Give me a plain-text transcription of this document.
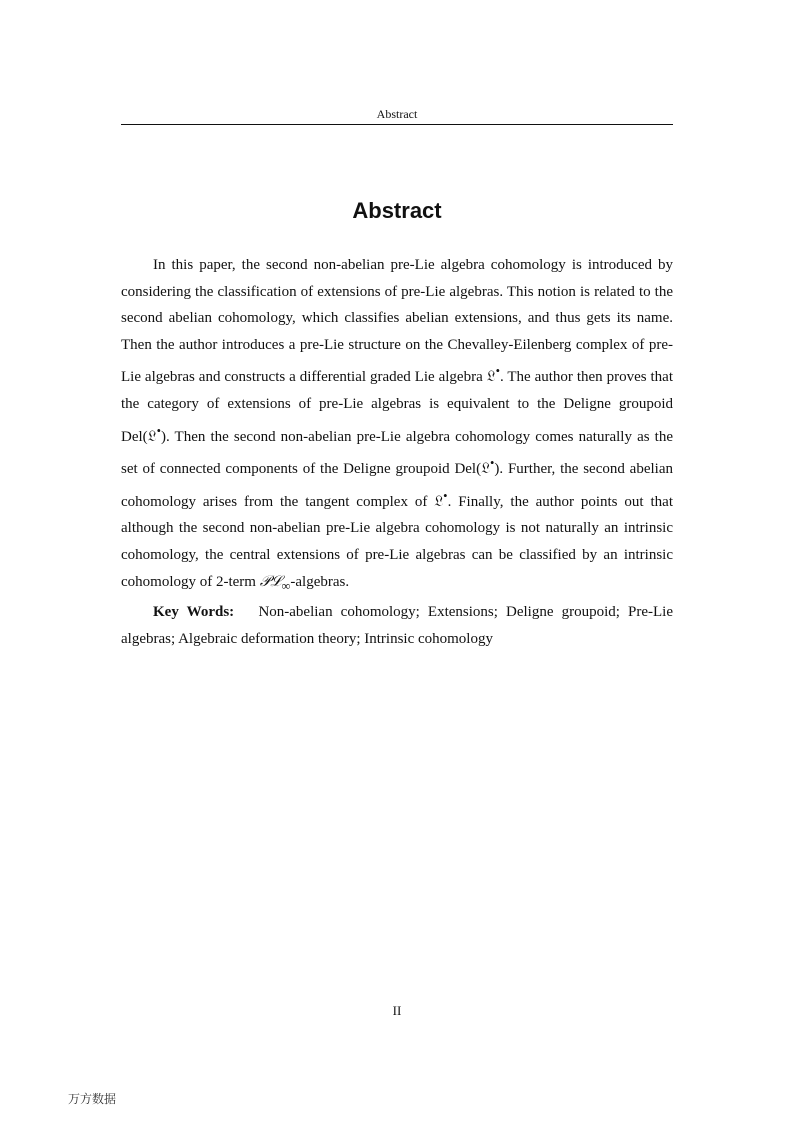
Abstract
Abstract

In this paper, the second non-abelian pre-Lie algebra cohomology is introduced by considering the classification of extensions of pre-Lie algebras. This notion is related to the second abelian cohomology, which classifies abelian extensions, and thus gets its name. Then the author introduces a pre-Lie structure on the Chevalley-Eilenberg complex of pre-Lie algebras and constructs a differential graded Lie algebra 𝔏•. The author then proves that the category of extensions of pre-Lie algebras is equivalent to the Deligne groupoid Del(𝔏•). Then the second non-abelian pre-Lie algebra cohomology comes naturally as the set of connected components of the Deligne groupoid Del(𝔏•). Further, the second abelian cohomology arises from the tangent complex of 𝔏•. Finally, the author points out that although the second non-abelian pre-Lie algebra cohomology is not naturally an intrinsic cohomology, the central extensions of pre-Lie algebras can be classified by an intrinsic cohomology of 2-term 𝒫ℒ$_\infty$-algebras.

Key Words: Non-abelian cohomology; Extensions; Deligne groupoid; Pre-Lie algebras; Algebraic deformation theory; Intrinsic cohomology

II
万方数据
